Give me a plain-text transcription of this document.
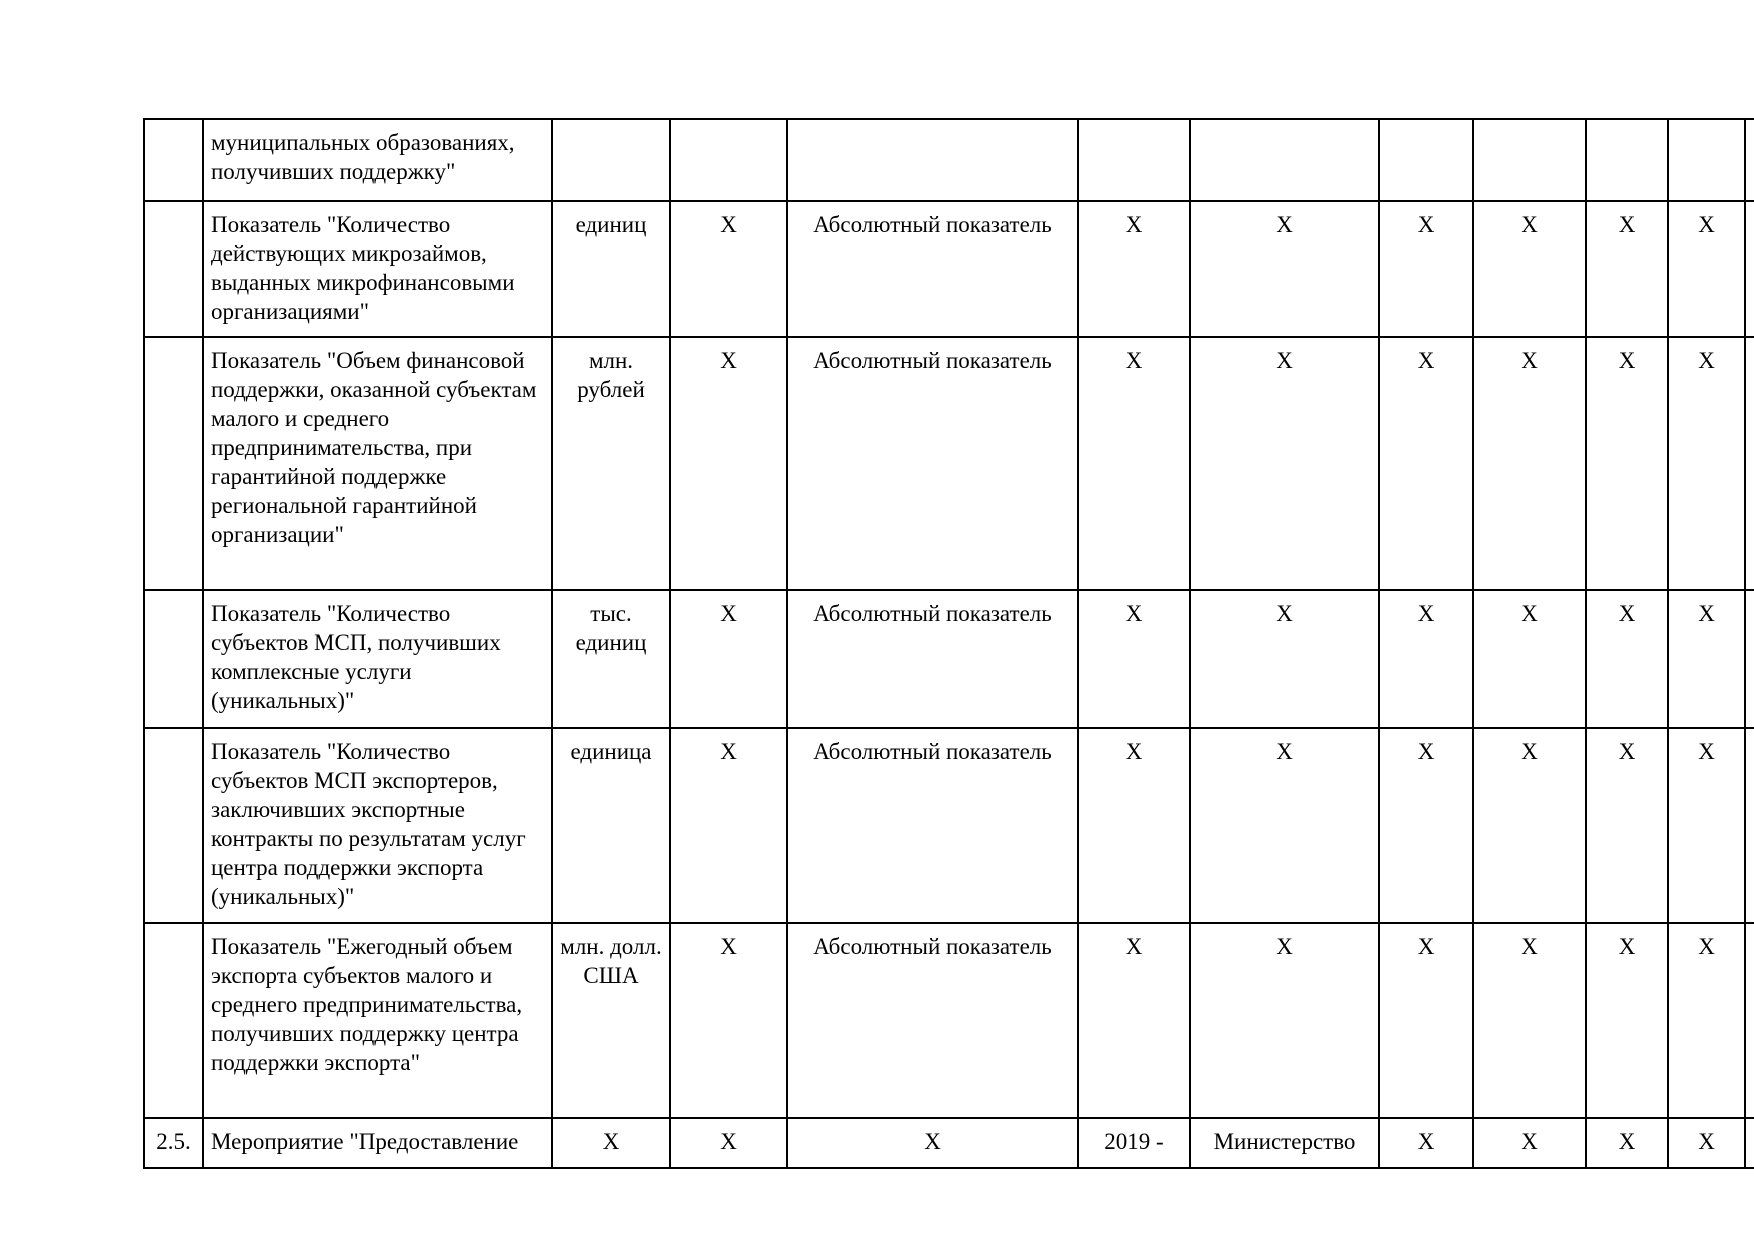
	муниципальных образованиях, получивших поддержку"										
	Показатель "Количество действующих микрозаймов, выданных микрофинансовыми организациями"	единиц	X	Абсолютный показатель	X	X	X	X	X	X	
	Показатель "Объем финансовой поддержки, оказанной субъектам малого и среднего предпринимательства, при гарантийной поддержке региональной гарантийной организации"	млн. рублей	X	Абсолютный показатель	X	X	X	X	X	X	
	Показатель "Количество субъектов МСП, получивших комплексные услуги (уникальных)"	тыс. единиц	X	Абсолютный показатель	X	X	X	X	X	X	
	Показатель "Количество субъектов МСП экспортеров, заключивших экспортные контракты по результатам услуг центра поддержки экспорта (уникальных)"	единица	X	Абсолютный показатель	X	X	X	X	X	X	
	Показатель "Ежегодный объем экспорта субъектов малого и среднего предпринимательства, получивших поддержку центра поддержки экспорта"	млн. долл. США	X	Абсолютный показатель	X	X	X	X	X	X	
2.5.	Мероприятие "Предоставление	X	X	X	2019 -	Министерство	X	X	X	X	
